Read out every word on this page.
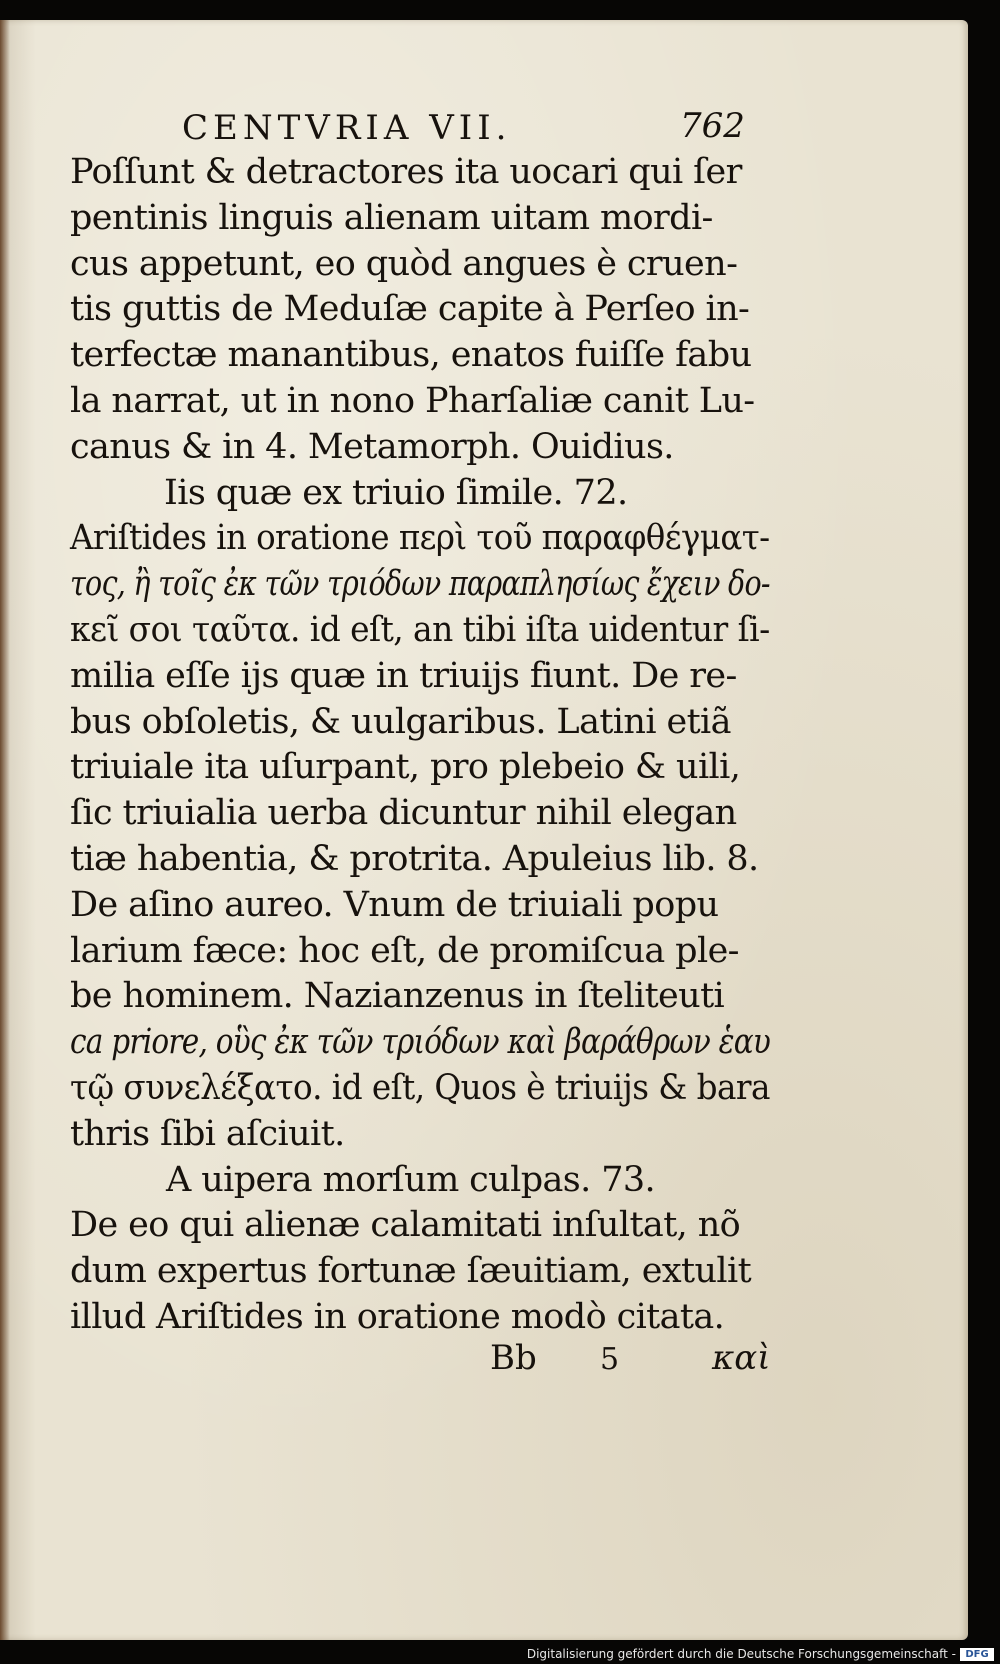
CENTVRIA VII.	762
Poſſunt & detractores ita uocari qui ſer
pentinis linguis alienam uitam mordi-
cus appetunt, eo quòd angues è cruen-
tis guttis de Meduſæ capite à Perſeo in-
terfectæ manantibus, enatos fuiſſe fabu
la narrat, ut in nono Pharſaliæ canit Lu-
canus & in 4. Metamorph. Ouidius.
Iis quæ ex triuio ſimile. 72.
Ariſtides in oratione περὶ τοῦ παραφθέγματ-
τος, ἢ τοῖς ἐκ τῶν τριόδων παραπλησίως ἔχειν δο-
κεῖ σοι ταῦτα. id eſt, an tibi iſta uidentur ſi-
milia eſſe ijs quæ in triuijs fiunt. De re-
bus obſoletis, & uulgaribus. Latini etiã
triuiale ita uſurpant, pro plebeio & uili,
ſic triuialia uerba dicuntur nihil elegan
tiæ habentia, & protrita. Apuleius lib. 8.
De aſino aureo. Vnum de triuiali popu
larium fæce: hoc eſt, de promiſcua ple-
be hominem. Nazianzenus in ſteliteuti
ca priore, οὓς ἐκ τῶν τριόδων καὶ βαράθρων ἑαυ
τῷ συνελέξατο. id eſt, Quos è triuijs & bara
thris ſibi aſciuit.
A uipera morſum culpas. 73.
De eo qui alienæ calamitati inſultat, nõ
dum expertus fortunæ ſæuitiam, extulit
illud Ariſtides in oratione modò citata.
Bb 5	καὶ
Digitalisierung gefördert durch die Deutsche Forschungsgemeinschaft - DFG
